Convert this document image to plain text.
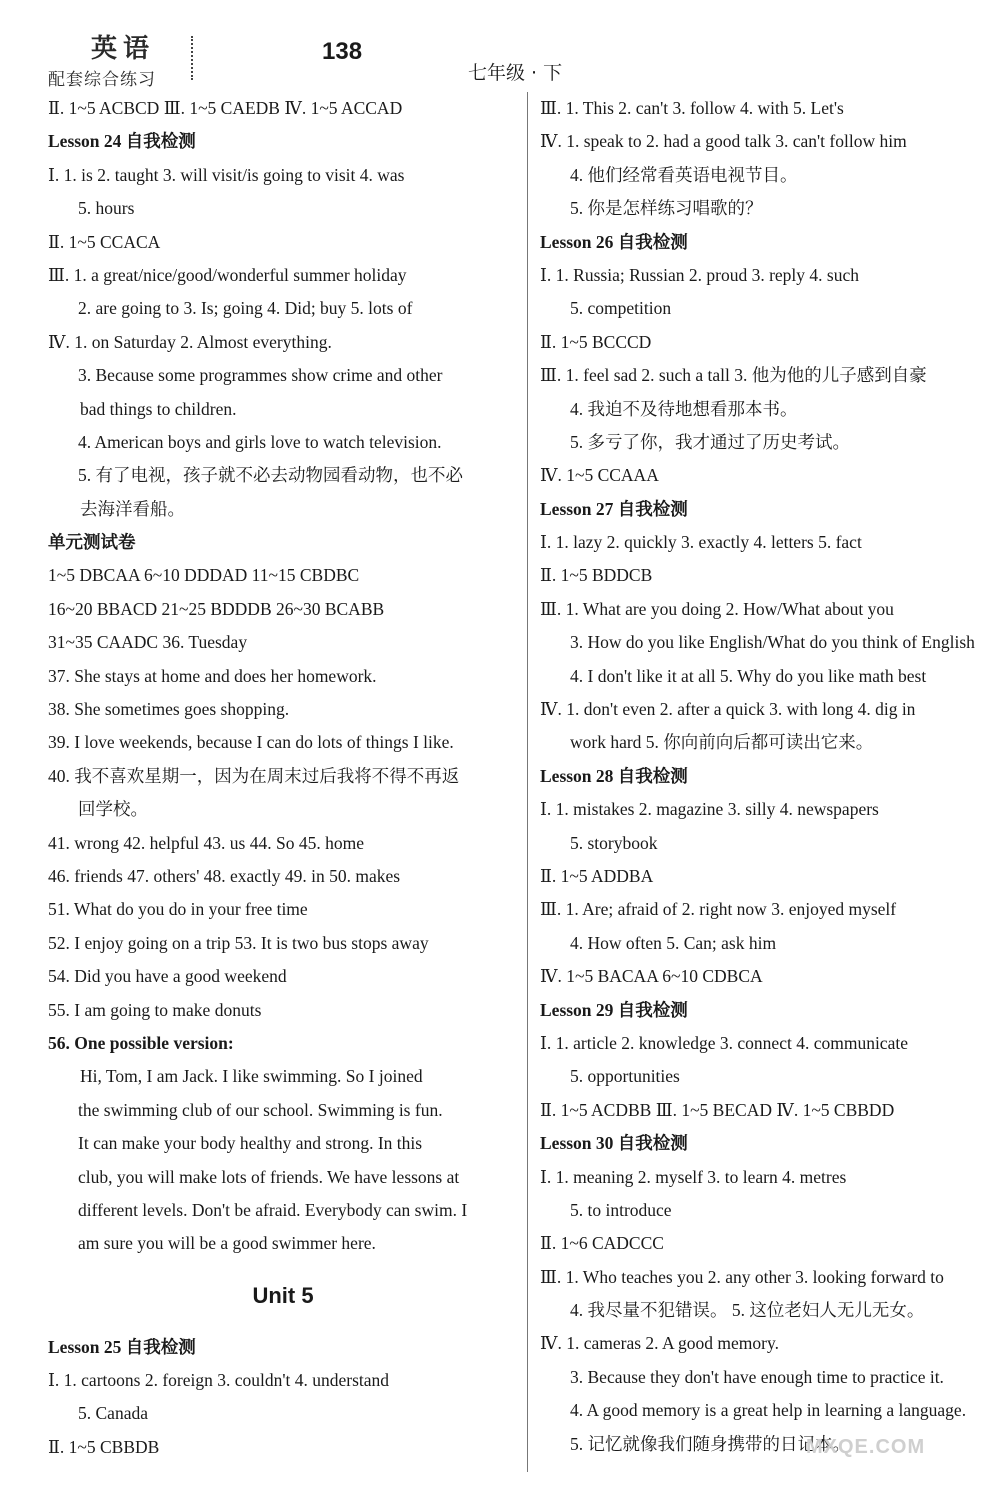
英语
配套综合练习
138
七年级 · 下
Ⅱ. 1~5 ACBCD Ⅲ. 1~5 CAEDB Ⅳ. 1~5 ACCAD
Lesson 24 自我检测
Ⅰ. 1. is 2. taught 3. will visit/is going to visit 4. was
5. hours
Ⅱ. 1~5 CCACA
Ⅲ. 1. a great/nice/good/wonderful summer holiday
2. are going to 3. Is; going 4. Did; buy 5. lots of
Ⅳ. 1. on Saturday 2. Almost everything.
3. Because some programmes show crime and other
bad things to children.
4. American boys and girls love to watch television.
5. 有了电视，孩子就不必去动物园看动物，也不必
去海洋看船。
单元测试卷
1~5 DBCAA 6~10 DDDAD 11~15 CBDBC
16~20 BBACD 21~25 BDDDB 26~30 BCABB
31~35 CAADC 36. Tuesday
37. She stays at home and does her homework.
38. She sometimes goes shopping.
39. I love weekends, because I can do lots of things I like.
40. 我不喜欢星期一，因为在周末过后我将不得不再返
回学校。
41. wrong 42. helpful 43. us 44. So 45. home
46. friends 47. others' 48. exactly 49. in 50. makes
51. What do you do in your free time
52. I enjoy going on a trip 53. It is two bus stops away
54. Did you have a good weekend
55. I am going to make donuts
56. One possible version:
Hi, Tom, I am Jack. I like swimming. So I joined
the swimming club of our school. Swimming is fun.
It can make your body healthy and strong. In this
club, you will make lots of friends. We have lessons at
different levels. Don't be afraid. Everybody can swim. I
am sure you will be a good swimmer here.
Unit 5
Lesson 25 自我检测
Ⅰ. 1. cartoons 2. foreign 3. couldn't 4. understand
5. Canada
Ⅱ. 1~5 CBBDB
Ⅲ. 1. This 2. can't 3. follow 4. with 5. Let's
Ⅳ. 1. speak to 2. had a good talk 3. can't follow him
4. 他们经常看英语电视节目。
5. 你是怎样练习唱歌的？
Lesson 26 自我检测
Ⅰ. 1. Russia; Russian 2. proud 3. reply 4. such
5. competition
Ⅱ. 1~5 BCCCD
Ⅲ. 1. feel sad 2. such a tall 3. 他为他的儿子感到自豪
4. 我迫不及待地想看那本书。
5. 多亏了你，我才通过了历史考试。
Ⅳ. 1~5 CCAAA
Lesson 27 自我检测
Ⅰ. 1. lazy 2. quickly 3. exactly 4. letters 5. fact
Ⅱ. 1~5 BDDCB
Ⅲ. 1. What are you doing 2. How/What about you
3. How do you like English/What do you think of English
4. I don't like it at all 5. Why do you like math best
Ⅳ. 1. don't even 2. after a quick 3. with long 4. dig in
work hard 5. 你向前向后都可读出它来。
Lesson 28 自我检测
Ⅰ. 1. mistakes 2. magazine 3. silly 4. newspapers
5. storybook
Ⅱ. 1~5 ADDBA
Ⅲ. 1. Are; afraid of 2. right now 3. enjoyed myself
4. How often 5. Can; ask him
Ⅳ. 1~5 BACAA 6~10 CDBCA
Lesson 29 自我检测
Ⅰ. 1. article 2. knowledge 3. connect 4. communicate
5. opportunities
Ⅱ. 1~5 ACDBB Ⅲ. 1~5 BECAD Ⅳ. 1~5 CBBDD
Lesson 30 自我检测
Ⅰ. 1. meaning 2. myself 3. to learn 4. metres
5. to introduce
Ⅱ. 1~6 CADCCC
Ⅲ. 1. Who teaches you 2. any other 3. looking forward to
4. 我尽量不犯错误。 5. 这位老妇人无儿无女。
Ⅳ. 1. cameras 2. A good memory.
3. Because they don't have enough time to practice it.
4. A good memory is a great help in learning a language.
5. 记忆就像我们随身携带的日记本。
MXQE.COM
